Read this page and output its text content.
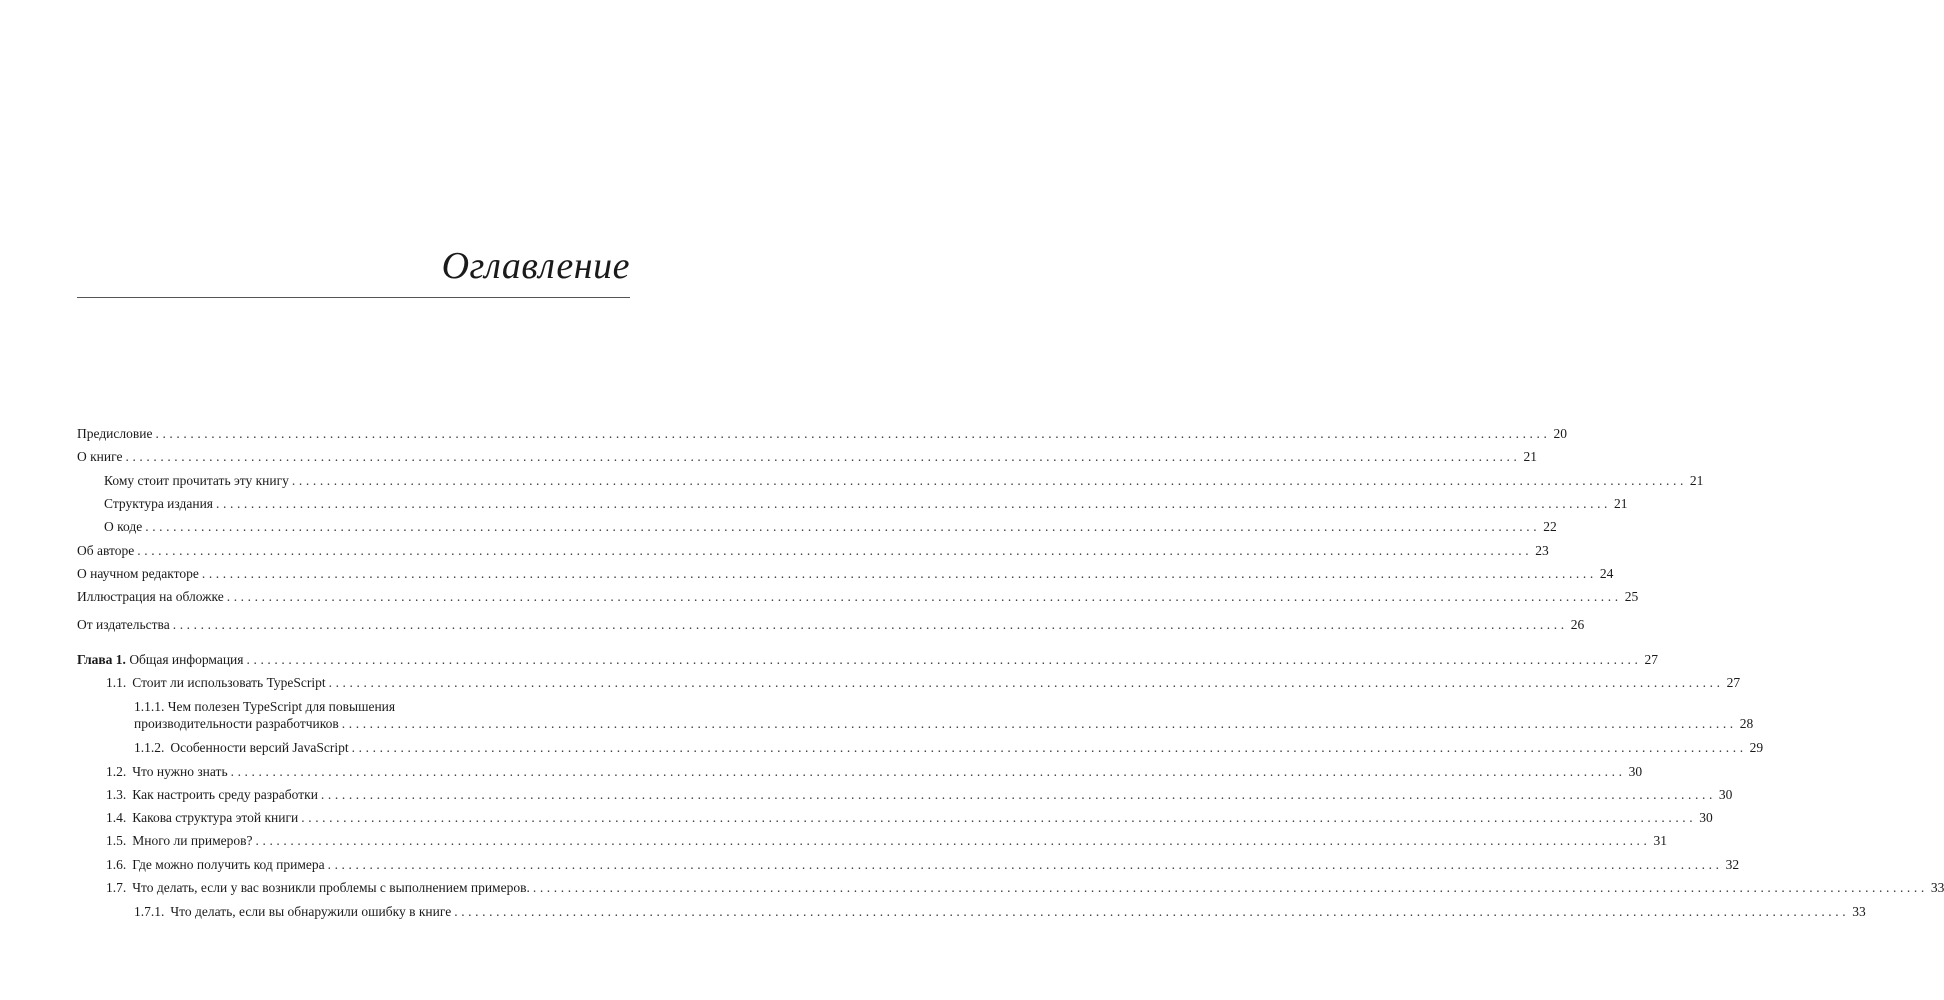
Оглавление
Предисловие ........................................................................................................................................................................................................ 20
О книге ........................................................................................................................................................................................................ 21
Кому стоит прочитать эту книгу ........................................................................................................................................................................................................ 21
Структура издания ........................................................................................................................................................................................................ 21
О коде ........................................................................................................................................................................................................ 22
Об авторе ........................................................................................................................................................................................................ 23
О научном редакторе ........................................................................................................................................................................................................ 24
Иллюстрация на обложке ........................................................................................................................................................................................................ 25
От издательства ........................................................................................................................................................................................................ 26
Глава 1. Общая информация ........................................................................................................................................................................................................ 27
1.1. Стоит ли использовать TypeScript ........................................................................................................................................................................................................ 27
1.1.1. Чем полезен TypeScript для повышения
производительности разработчиков ........................................................................................................................................................................................................ 28
1.1.2. Особенности версий JavaScript ........................................................................................................................................................................................................ 29
1.2. Что нужно знать ........................................................................................................................................................................................................ 30
1.3. Как настроить среду разработки ........................................................................................................................................................................................................ 30
1.4. Какова структура этой книги ........................................................................................................................................................................................................ 30
1.5. Много ли примеров? ........................................................................................................................................................................................................ 31
1.6. Где можно получить код примера ........................................................................................................................................................................................................ 32
1.7. Что делать, если у вас возникли проблемы с выполнением примеров. ........................................................................................................................................................................................................ 33
1.7.1. Что делать, если вы обнаружили ошибку в книге ........................................................................................................................................................................................................ 33
